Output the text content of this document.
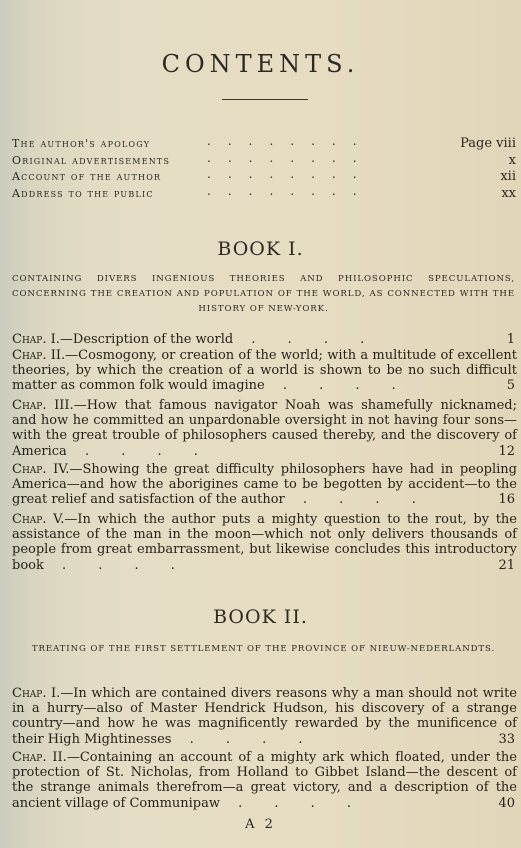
CONTENTS.
The author's apology	........	Page viii
Original advertisements	........	x
Account of the author	........	xii
Address to the public	........	xx
BOOK I.
CONTAINING DIVERS INGENIOUS THEORIES AND PHILOSOPHIC SPECULATIONS, CONCERNING THE CREATION AND POPULATION OF THE WORLD, AS CONNECTED WITH THE HISTORY OF NEW-YORK.
Chap. I.—Description of the world . . . .	1
Chap. II.—Cosmogony, or creation of the world; with a multitude of excellent theories, by which the creation of a world is shown to be no such difficult matter as common folk would imagine . . . .	5
Chap. III.—How that famous navigator Noah was shamefully nicknamed; and how he committed an unpardonable oversight in not having four sons—with the great trouble of philosophers caused thereby, and the discovery of America . . . .	12
Chap. IV.—Showing the great difficulty philosophers have had in peopling America—and how the aborigines came to be begotten by accident—to the great relief and satisfaction of the author . . . .	16
Chap. V.—In which the author puts a mighty question to the rout, by the assistance of the man in the moon—which not only delivers thousands of people from great embarrassment, but likewise concludes this introductory book . . . .	21
BOOK II.
TREATING OF THE FIRST SETTLEMENT OF THE PROVINCE OF NIEUW-NEDERLANDTS.
Chap. I.—In which are contained divers reasons why a man should not write in a hurry—also of Master Hendrick Hudson, his discovery of a strange country—and how he was magnificently rewarded by the munificence of their High Mightinesses . . . .	33
Chap. II.—Containing an account of a mighty ark which floated, under the protection of St. Nicholas, from Holland to Gibbet Island—the descent of the strange animals therefrom—a great victory, and a description of the ancient village of Communipaw . . . .	40
A 2
